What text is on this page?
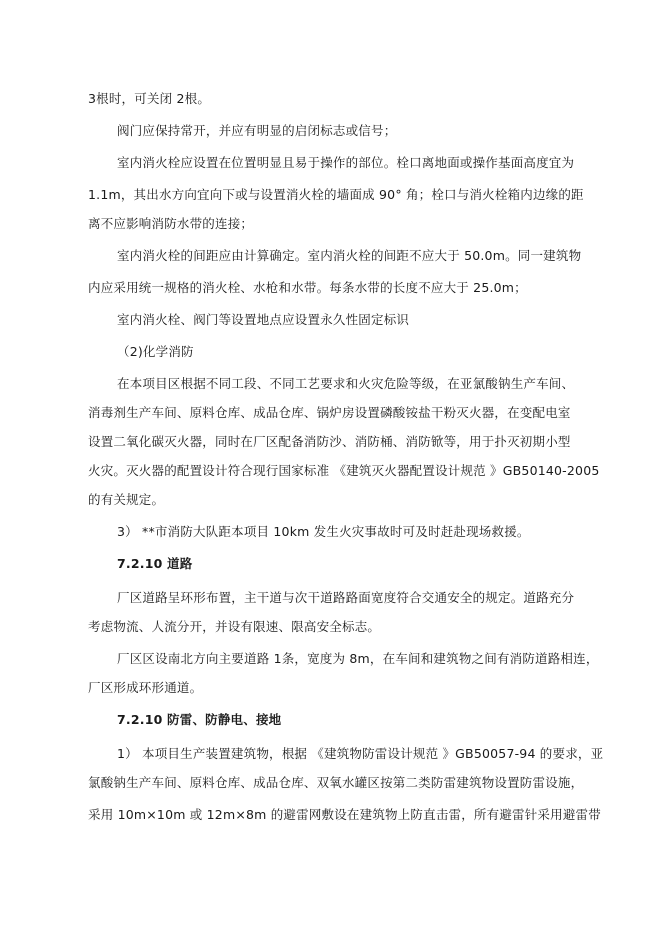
3根时，可关闭 2根。
阀门应保持常开，并应有明显的启闭标志或信号；
室内消火栓应设置在位置明显且易于操作的部位。栓口离地面或操作基面高度宜为
1.1m，其出水方向宜向下或与设置消火栓的墙面成 90° 角；栓口与消火栓箱内边缘的距
离不应影响消防水带的连接；
室内消火栓的间距应由计算确定。室内消火栓的间距不应大于 50.0m。同一建筑物
内应采用统一规格的消火栓、水枪和水带。每条水带的长度不应大于 25.0m；
室内消火栓、阀门等设置地点应设置永久性固定标识
（2)化学消防
在本项目区根据不同工段、不同工艺要求和火灾危险等级，在亚氯酸钠生产车间、
消毒剂生产车间、原料仓库、成品仓库、锅炉房设置磷酸铵盐干粉灭火器，在变配电室
设置二氧化碳灭火器，同时在厂区配备消防沙、消防桶、消防锨等，用于扑灭初期小型
火灾。灭火器的配置设计符合现行国家标准 《建筑灭火器配置设计规范 》GB50140-2005
的有关规定。
3） **市消防大队距本项目 10km 发生火灾事故时可及时赶赴现场救援。
7.2.10 道路
厂区道路呈环形布置，主干道与次干道路路面宽度符合交通安全的规定。道路充分
考虑物流、人流分开，并设有限速、限高安全标志。
厂区区设南北方向主要道路 1条，宽度为 8m，在车间和建筑物之间有消防道路相连，
厂区形成环形通道。
7.2.10 防雷、防静电、接地
1） 本项目生产装置建筑物，根据 《建筑物防雷设计规范 》GB50057-94 的要求，亚
氯酸钠生产车间、原料仓库、成品仓库、双氧水罐区按第二类防雷建筑物设置防雷设施，
采用 10m×10m 或 12m×8m 的避雷网敷设在建筑物上防直击雷，所有避雷针采用避雷带
